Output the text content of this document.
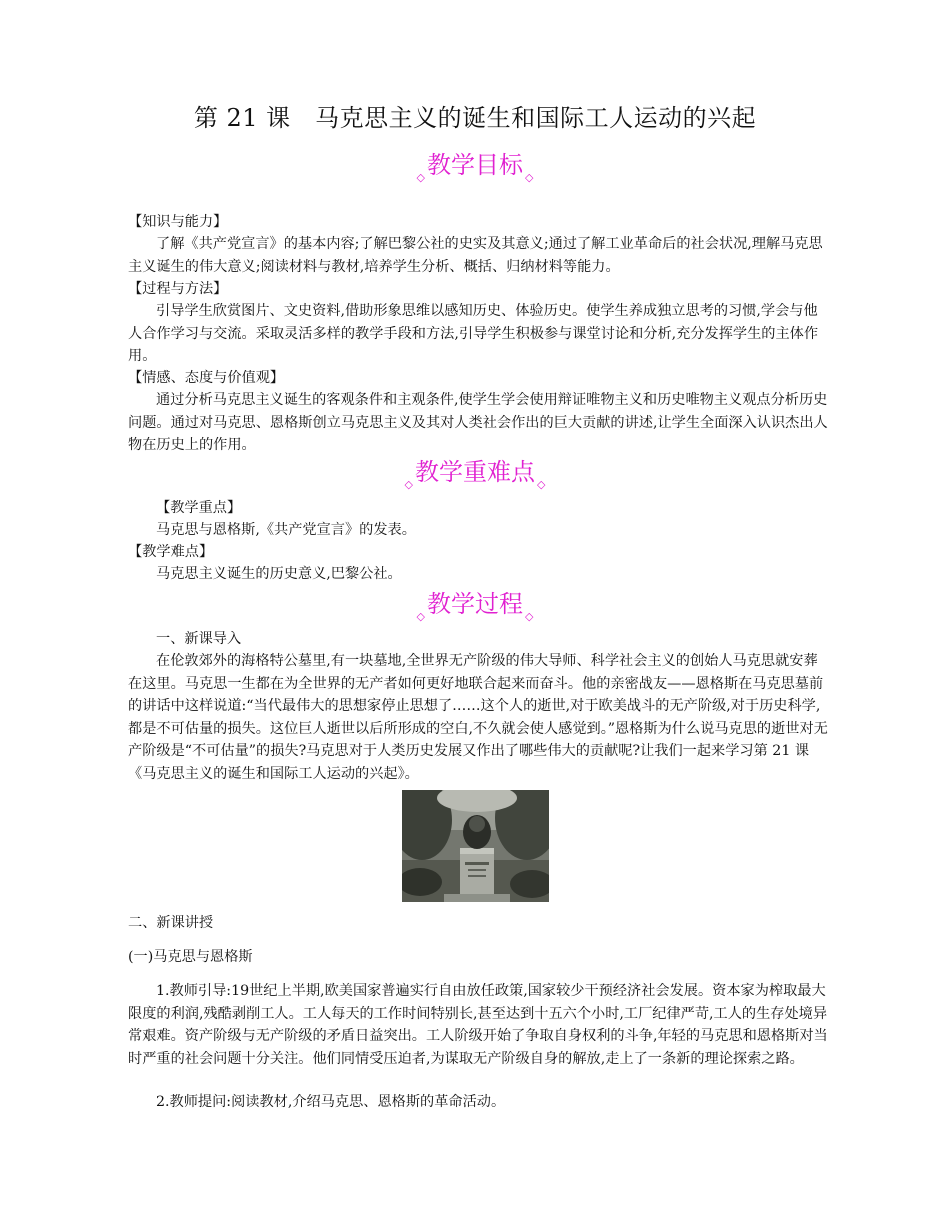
第 21 课　马克思主义的诞生和国际工人运动的兴起
◇教学目标 ◇
【知识与能力】
了解《共产党宣言》的基本内容;了解巴黎公社的史实及其意义;通过了解工业革命后的社会状况,理解马克思主义诞生的伟大意义;阅读材料与教材,培养学生分析、概括、归纳材料等能力。
【过程与方法】
引导学生欣赏图片、文史资料,借助形象思维以感知历史、体验历史。使学生养成独立思考的习惯,学会与他人合作学习与交流。采取灵活多样的教学手段和方法,引导学生积极参与课堂讨论和分析,充分发挥学生的主体作用。
【情感、态度与价值观】
通过分析马克思主义诞生的客观条件和主观条件,使学生学会使用辩证唯物主义和历史唯物主义观点分析历史问题。通过对马克思、恩格斯创立马克思主义及其对人类社会作出的巨大贡献的讲述,让学生全面深入认识杰出人物在历史上的作用。
◇教学重难点 ◇
【教学重点】
马克思与恩格斯,《共产党宣言》的发表。
【教学难点】
马克思主义诞生的历史意义,巴黎公社。
◇教学过程 ◇
一、新课导入
在伦敦郊外的海格特公墓里,有一块墓地,全世界无产阶级的伟大导师、科学社会主义的创始人马克思就安葬在这里。马克思一生都在为全世界的无产者如何更好地联合起来而奋斗。他的亲密战友——恩格斯在马克思墓前的讲话中这样说道:“当代最伟大的思想家停止思想了……这个人的逝世,对于欧美战斗的无产阶级,对于历史科学,都是不可估量的损失。这位巨人逝世以后所形成的空白,不久就会使人感觉到。”恩格斯为什么说马克思的逝世对无产阶级是“不可估量”的损失?马克思对于人类历史发展又作出了哪些伟大的贡献呢?让我们一起来学习第 21 课《马克思主义的诞生和国际工人运动的兴起》。
二、新课讲授
(一)马克思与恩格斯
1.教师引导:19世纪上半期,欧美国家普遍实行自由放任政策,国家较少干预经济社会发展。资本家为榨取最大限度的利润,残酷剥削工人。工人每天的工作时间特别长,甚至达到十五六个小时,工厂纪律严苛,工人的生存处境异常艰难。资产阶级与无产阶级的矛盾日益突出。工人阶级开始了争取自身权利的斗争,年轻的马克思和恩格斯对当时严重的社会问题十分关注。他们同情受压迫者,为谋取无产阶级自身的解放,走上了一条新的理论探索之路。
2.教师提问:阅读教材,介绍马克思、恩格斯的革命活动。
